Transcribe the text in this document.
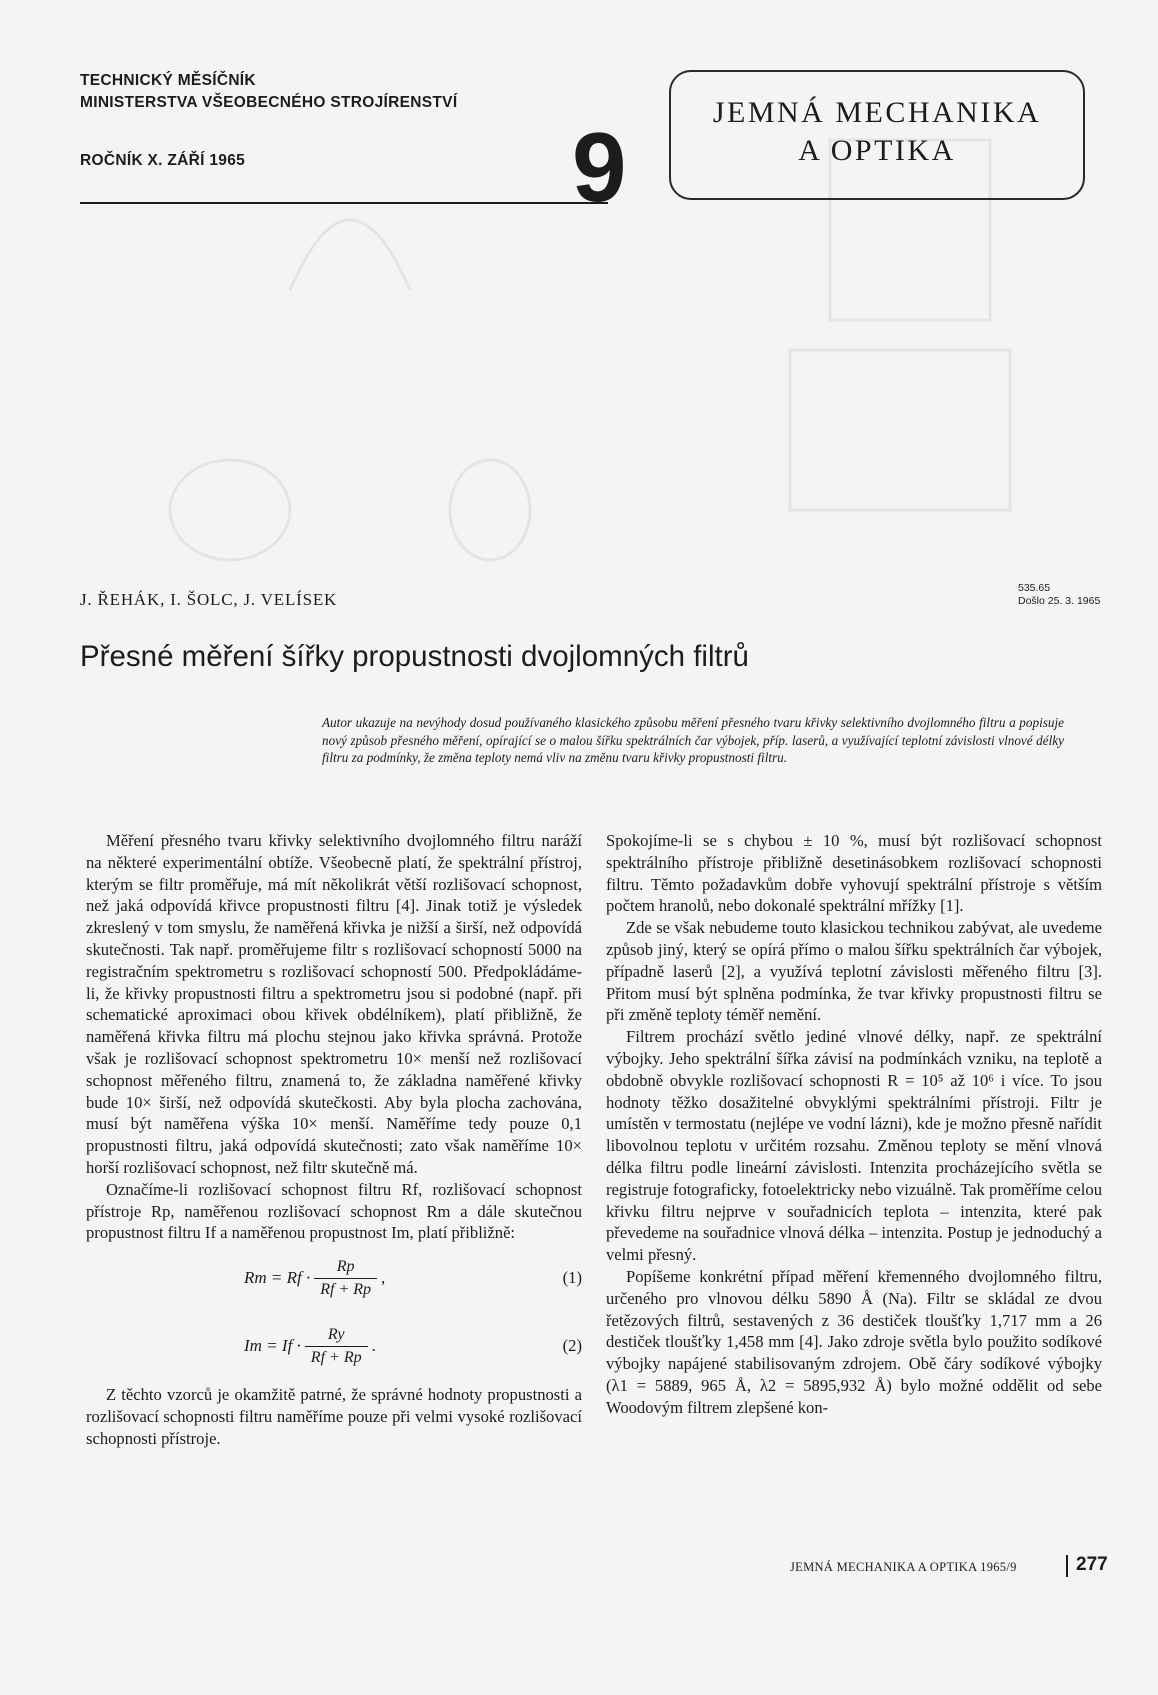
TECHNICKÝ MĚSÍČNÍK

MINISTERSTVA VŠEOBECNÉHO STROJÍRENSTVÍ

ROČNÍK X. ZÁŘÍ 1965	9	JEMNÁ MECHANIKA
A OPTIKA
J. ŘEHÁK, I. ŠOLC, J. VELÍSEK
535.65
Došlo 25. 3. 1965
Přesné měření šířky propustnosti dvojlomných filtrů
Autor ukazuje na nevýhody dosud používaného klasického způsobu měření přesného tvaru křivky selektivního dvojlomného filtru a popisuje nový způsob přesného měření, opírající se o malou šířku spektrálních čar výbojek, příp. laserů, a využívající teplotní závislosti vlnové délky filtru za podmínky, že změna teploty nemá vliv na změnu tvaru křivky propustnosti filtru.

Měření přesného tvaru křivky selektivního dvojlomného filtru naráží na některé experimentální obtíže. Všeobecně platí, že spektrální přístroj, kterým se filtr proměřuje, má mít několikrát větší rozlišovací schopnost, než jaká odpovídá křivce propustnosti filtru [4]. Jinak totiž je výsledek zkreslený v tom smyslu, že naměřená křivka je nižší a širší, než odpovídá skutečnosti. Tak např. proměřujeme filtr s rozlišovací schopností 5000 na registračním spektrometru s rozlišovací schopností 500. Předpokládáme-li, že křivky propustnosti filtru a spektrometru jsou si podobné (např. při schematické aproximaci obou křivek obdélníkem), platí přibližně, že naměřená křivka filtru má plochu stejnou jako křivka správná. Protože však je rozlišovací schopnost spektrometru 10× menší než rozlišovací schopnost měřeného filtru, znamená to, že základna naměřené křivky bude 10× širší, než odpovídá skutečkosti. Aby byla plocha zachována, musí být naměřena výška 10× menší. Naměříme tedy pouze 0,1 propustnosti filtru, jaká odpovídá skutečnosti; zato však naměříme 10× horší rozlišovací schopnost, než filtr skutečně má.

Označíme-li rozlišovací schopnost filtru Rf, rozlišovací schopnost přístroje Rp, naměřenou rozlišovací schopnost Rm a dále skutečnou propustnost filtru If a naměřenou propustnost Im, platí přibližně:

$Rm = Rf \cdot \frac{Rp}{Rf + Rp}$ ,	(1)
$Im = If \cdot \frac{Ry}{Rf + Rp}$ .	(2)

Z těchto vzorců je okamžitě patrné, že správné hodnoty propustnosti a rozlišovací schopnosti filtru naměříme pouze při velmi vysoké rozlišovací schopnosti přístroje.

Spokojíme-li se s chybou ± 10 %, musí být rozlišovací schopnost spektrálního přístroje přibližně desetinásobkem rozlišovací schopnosti filtru. Těmto požadavkům dobře vyhovují spektrální přístroje s větším počtem hranolů, nebo dokonalé spektrální mřížky [1].

Zde se však nebudeme touto klasickou technikou zabývat, ale uvedeme způsob jiný, který se opírá přímo o malou šířku spektrálních čar výbojek, případně laserů [2], a využívá teplotní závislosti měřeného filtru [3]. Přitom musí být splněna podmínka, že tvar křivky propustnosti filtru se při změně teploty téměř nemění.

Filtrem prochází světlo jediné vlnové délky, např. ze spektrální výbojky. Jeho spektrální šířka závisí na podmínkách vzniku, na teplotě a obdobně obvykle rozlišovací schopnosti R = 10⁵ až 10⁶ i více. To jsou hodnoty těžko dosažitelné obvyklými spektrálními přístroji. Filtr je umístěn v termostatu (nejlépe ve vodní lázni), kde je možno přesně nařídit libovolnou teplotu v určitém rozsahu. Změnou teploty se mění vlnová délka filtru podle lineární závislosti. Intenzita procházejícího světla se registruje fotograficky, fotoelektricky nebo vizuálně. Tak proměříme celou křivku filtru nejprve v souřadnicích teplota – intenzita, které pak převedeme na souřadnice vlnová délka – intenzita. Postup je jednoduchý a velmi přesný.

Popíšeme konkrétní případ měření křemenného dvojlomného filtru, určeného pro vlnovou délku 5890 Å (Na). Filtr se skládal ze dvou řetězových filtrů, sestavených z 36 destiček tloušťky 1,717 mm a 26 destiček tloušťky 1,458 mm [4]. Jako zdroje světla bylo použito sodíkové výbojky napájené stabilisovaným zdrojem. Obě čáry sodíkové výbojky (λ1 = 5889, 965 Å, λ2 = 5895,932 Å) bylo možné oddělit od sebe Woodovým filtrem zlepšené kon-

JEMNÁ MECHANIKA A OPTIKA 1965/9	277
